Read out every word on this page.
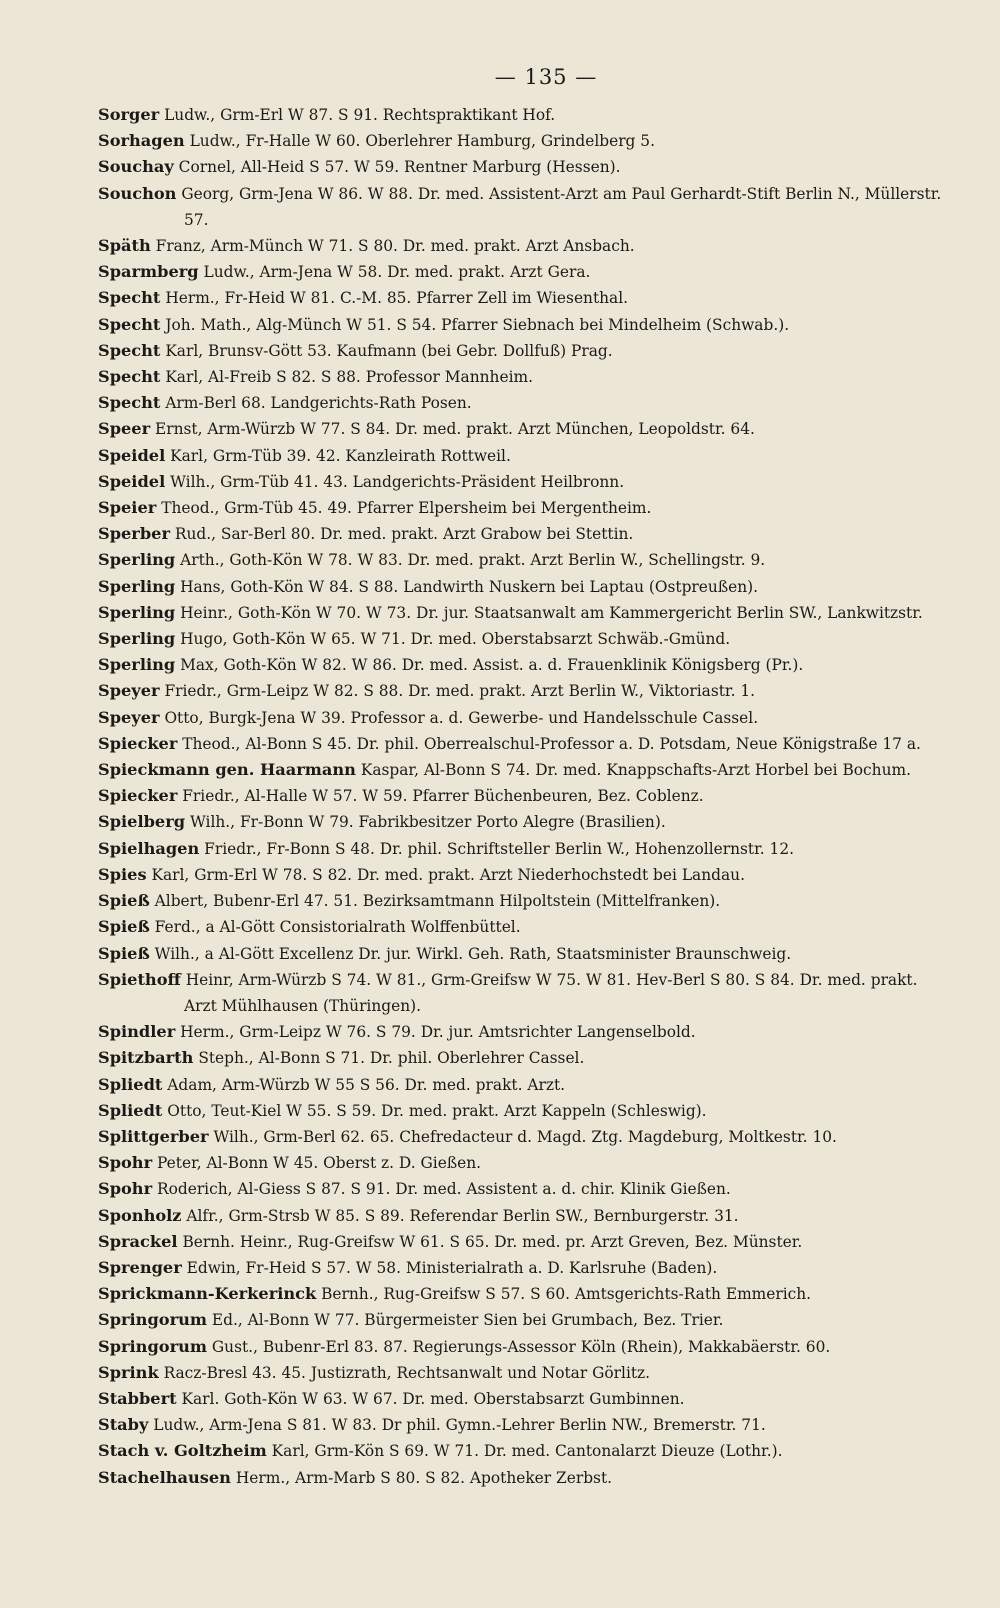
— 135 —
Sorger Ludw., Grm-Erl W 87. S 91. Rechtspraktikant Hof.
Sorhagen Ludw., Fr-Halle W 60. Oberlehrer Hamburg, Grindelberg 5.
Souchay Cornel, All-Heid S 57. W 59. Rentner Marburg (Hessen).
Souchon Georg, Grm-Jena W 86. W 88. Dr. med. Assistent-Arzt am Paul Gerhardt-Stift Berlin N., Müllerstr. 57.
Späth Franz, Arm-Münch W 71. S 80. Dr. med. prakt. Arzt Ansbach.
Sparmberg Ludw., Arm-Jena W 58. Dr. med. prakt. Arzt Gera.
Specht Herm., Fr-Heid W 81. C.-M. 85. Pfarrer Zell im Wiesenthal.
Specht Joh. Math., Alg-Münch W 51. S 54. Pfarrer Siebnach bei Mindelheim (Schwab.).
Specht Karl, Brunsv-Gött 53. Kaufmann (bei Gebr. Dollfuß) Prag.
Specht Karl, Al-Freib S 82. S 88. Professor Mannheim.
Specht Arm-Berl 68. Landgerichts-Rath Posen.
Speer Ernst, Arm-Würzb W 77. S 84. Dr. med. prakt. Arzt München, Leopoldstr. 64.
Speidel Karl, Grm-Tüb 39. 42. Kanzleirath Rottweil.
Speidel Wilh., Grm-Tüb 41. 43. Landgerichts-Präsident Heilbronn.
Speier Theod., Grm-Tüb 45. 49. Pfarrer Elpersheim bei Mergentheim.
Sperber Rud., Sar-Berl 80. Dr. med. prakt. Arzt Grabow bei Stettin.
Sperling Arth., Goth-Kön W 78. W 83. Dr. med. prakt. Arzt Berlin W., Schellingstr. 9.
Sperling Hans, Goth-Kön W 84. S 88. Landwirth Nuskern bei Laptau (Ostpreußen).
Sperling Heinr., Goth-Kön W 70. W 73. Dr. jur. Staatsanwalt am Kammergericht Berlin SW., Lankwitzstr.
Sperling Hugo, Goth-Kön W 65. W 71. Dr. med. Oberstabsarzt Schwäb.-Gmünd.
Sperling Max, Goth-Kön W 82. W 86. Dr. med. Assist. a. d. Frauenklinik Königsberg (Pr.).
Speyer Friedr., Grm-Leipz W 82. S 88. Dr. med. prakt. Arzt Berlin W., Viktoriastr. 1.
Speyer Otto, Burgk-Jena W 39. Professor a. d. Gewerbe- und Handelsschule Cassel.
Spiecker Theod., Al-Bonn S 45. Dr. phil. Oberrealschul-Professor a. D. Potsdam, Neue Königstraße 17 a.
Spieckmann gen. Haarmann Kaspar, Al-Bonn S 74. Dr. med. Knappschafts-Arzt Horbel bei Bochum.
Spiecker Friedr., Al-Halle W 57. W 59. Pfarrer Büchenbeuren, Bez. Coblenz.
Spielberg Wilh., Fr-Bonn W 79. Fabrikbesitzer Porto Alegre (Brasilien).
Spielhagen Friedr., Fr-Bonn S 48. Dr. phil. Schriftsteller Berlin W., Hohenzollernstr. 12.
Spies Karl, Grm-Erl W 78. S 82. Dr. med. prakt. Arzt Niederhochstedt bei Landau.
Spieß Albert, Bubenr-Erl 47. 51. Bezirksamtmann Hilpoltstein (Mittelfranken).
Spieß Ferd., a Al-Gött Consistorialrath Wolffenbüttel.
Spieß Wilh., a Al-Gött Excellenz Dr. jur. Wirkl. Geh. Rath, Staatsminister Braunschweig.
Spiethoff Heinr, Arm-Würzb S 74. W 81., Grm-Greifsw W 75. W 81. Hev-Berl S 80. S 84. Dr. med. prakt. Arzt Mühlhausen (Thüringen).
Spindler Herm., Grm-Leipz W 76. S 79. Dr. jur. Amtsrichter Langenselbold.
Spitzbarth Steph., Al-Bonn S 71. Dr. phil. Oberlehrer Cassel.
Spliedt Adam, Arm-Würzb W 55 S 56. Dr. med. prakt. Arzt.
Spliedt Otto, Teut-Kiel W 55. S 59. Dr. med. prakt. Arzt Kappeln (Schleswig).
Splittgerber Wilh., Grm-Berl 62. 65. Chefredacteur d. Magd. Ztg. Magdeburg, Moltkestr. 10.
Spohr Peter, Al-Bonn W 45. Oberst z. D. Gießen.
Spohr Roderich, Al-Giess S 87. S 91. Dr. med. Assistent a. d. chir. Klinik Gießen.
Sponholz Alfr., Grm-Strsb W 85. S 89. Referendar Berlin SW., Bernburgerstr. 31.
Sprackel Bernh. Heinr., Rug-Greifsw W 61. S 65. Dr. med. pr. Arzt Greven, Bez. Münster.
Sprenger Edwin, Fr-Heid S 57. W 58. Ministerialrath a. D. Karlsruhe (Baden).
Sprickmann-Kerkerinck Bernh., Rug-Greifsw S 57. S 60. Amtsgerichts-Rath Emmerich.
Springorum Ed., Al-Bonn W 77. Bürgermeister Sien bei Grumbach, Bez. Trier.
Springorum Gust., Bubenr-Erl 83. 87. Regierungs-Assessor Köln (Rhein), Makkabäerstr. 60.
Sprink Racz-Bresl 43. 45. Justizrath, Rechtsanwalt und Notar Görlitz.
Stabbert Karl. Goth-Kön W 63. W 67. Dr. med. Oberstabsarzt Gumbinnen.
Staby Ludw., Arm-Jena S 81. W 83. Dr phil. Gymn.-Lehrer Berlin NW., Bremerstr. 71.
Stach v. Goltzheim Karl, Grm-Kön S 69. W 71. Dr. med. Cantonalarzt Dieuze (Lothr.).
Stachelhausen Herm., Arm-Marb S 80. S 82. Apotheker Zerbst.
